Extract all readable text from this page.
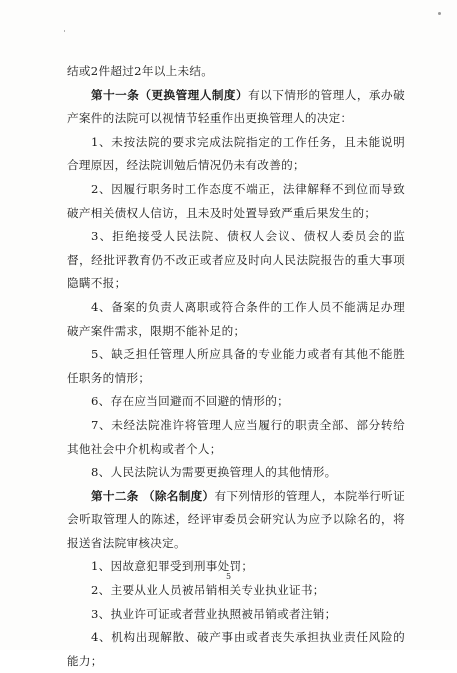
结或2件超过2年以上未结。

第十一条（更换管理人制度）有以下情形的管理人，承办破产案件的法院可以视情节轻重作出更换管理人的决定：

1、未按法院的要求完成法院指定的工作任务，且未能说明合理原因，经法院训勉后情况仍未有改善的；

2、因履行职务时工作态度不端正，法律解释不到位而导致破产相关债权人信访，且未及时处置导致严重后果发生的；

3、拒绝接受人民法院、债权人会议、债权人委员会的监督，经批评教育仍不改正或者应及时向人民法院报告的重大事项隐瞒不报；

4、备案的负责人离职或符合条件的工作人员不能满足办理破产案件需求，限期不能补足的；

5、缺乏担任管理人所应具备的专业能力或者有其他不能胜任职务的情形；

6、存在应当回避而不回避的情形的；

7、未经法院准许将管理人应当履行的职责全部、部分转给其他社会中介机构或者个人；

8、人民法院认为需要更换管理人的其他情形。

第十二条 （除名制度）有下列情形的管理人，本院举行听证会听取管理人的陈述，经评审委员会研究认为应予以除名的，将报送省法院审核决定。

1、因故意犯罪受到刑事处罚；

2、主要从业人员被吊销相关专业执业证书；

3、执业许可证或者营业执照被吊销或者注销；

4、机构出现解散、破产事由或者丧失承担执业责任风险的能力；

5
